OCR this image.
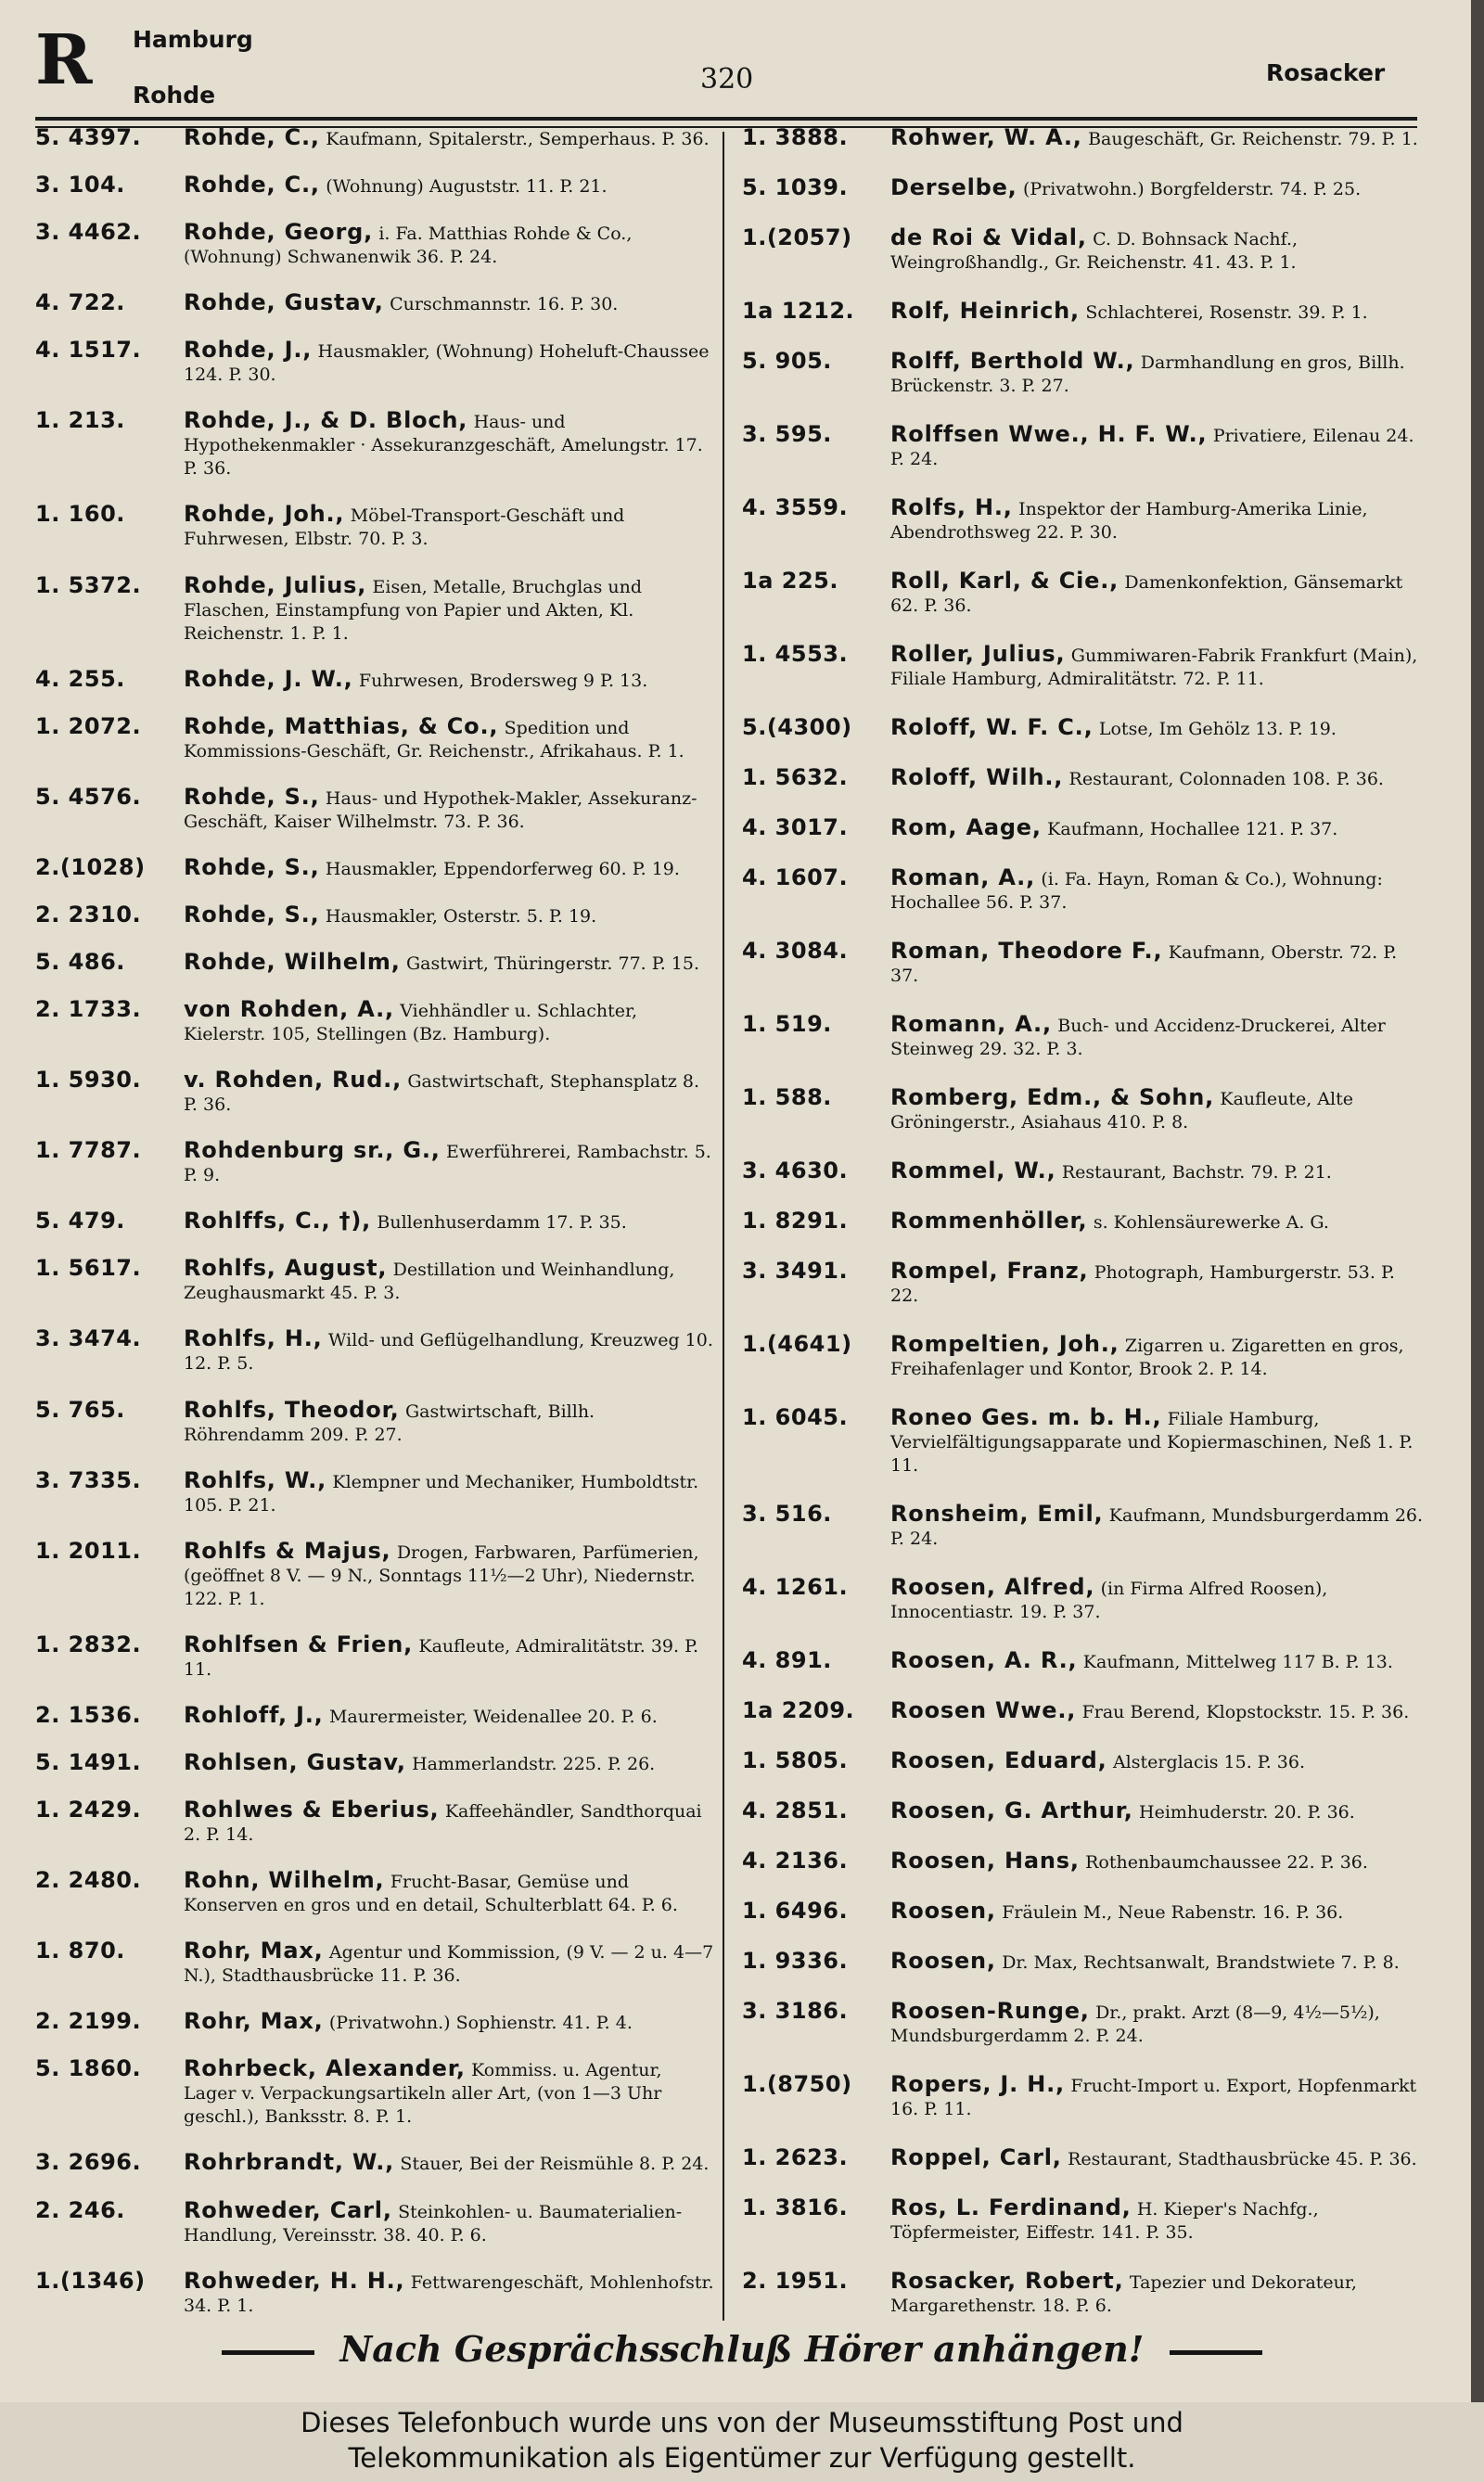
R Hamburg
Rohde	320	Rosacker
5. 4397.	Rohde, C., Kaufmann, Spitalerstr., Semperhaus. P. 36.
3. 104.	Rohde, C., (Wohnung) Auguststr. 11. P. 21.
3. 4462.	Rohde, Georg, i. Fa. Matthias Rohde & Co., (Wohnung) Schwanenwik 36. P. 24.
4. 722.	Rohde, Gustav, Curschmannstr. 16. P. 30.
4. 1517.	Rohde, J., Hausmakler, (Wohnung) Hoheluft-Chaussee 124. P. 30.
1. 213.	Rohde, J., & D. Bloch, Haus- und Hypothekenmakler · Assekuranzgeschäft, Amelungstr. 17. P. 36.
1. 160.	Rohde, Joh., Möbel-Transport-Geschäft und Fuhrwesen, Elbstr. 70. P. 3.
1. 5372.	Rohde, Julius, Eisen, Metalle, Bruchglas und Flaschen, Einstampfung von Papier und Akten, Kl. Reichenstr. 1. P. 1.
4. 255.	Rohde, J. W., Fuhrwesen, Brodersweg 9 P. 13.
1. 2072.	Rohde, Matthias, & Co., Spedition und Kommissions-Geschäft, Gr. Reichenstr., Afrikahaus. P. 1.
5. 4576.	Rohde, S., Haus- und Hypothek-Makler, Assekuranz-Geschäft, Kaiser Wilhelmstr. 73. P. 36.
2.(1028)	Rohde, S., Hausmakler, Eppendorferweg 60. P. 19.
2. 2310.	Rohde, S., Hausmakler, Osterstr. 5. P. 19.
5. 486.	Rohde, Wilhelm, Gastwirt, Thüringerstr. 77. P. 15.
2. 1733.	von Rohden, A., Viehhändler u. Schlachter, Kielerstr. 105, Stellingen (Bz. Hamburg).
1. 5930.	v. Rohden, Rud., Gastwirtschaft, Stephansplatz 8. P. 36.
1. 7787.	Rohdenburg sr., G., Ewerführerei, Rambachstr. 5. P. 9.
5. 479.	Rohlffs, C., †), Bullenhuserdamm 17. P. 35.
1. 5617.	Rohlfs, August, Destillation und Weinhandlung, Zeughausmarkt 45. P. 3.
3. 3474.	Rohlfs, H., Wild- und Geflügelhandlung, Kreuzweg 10. 12. P. 5.
5. 765.	Rohlfs, Theodor, Gastwirtschaft, Billh. Röhrendamm 209. P. 27.
3. 7335.	Rohlfs, W., Klempner und Mechaniker, Humboldtstr. 105. P. 21.
1. 2011.	Rohlfs & Majus, Drogen, Farbwaren, Parfümerien, (geöffnet 8 V. — 9 N., Sonntags 11½—2 Uhr), Niedernstr. 122. P. 1.
1. 2832.	Rohlfsen & Frien, Kaufleute, Admiralitätstr. 39. P. 11.
2. 1536.	Rohloff, J., Maurermeister, Weidenallee 20. P. 6.
5. 1491.	Rohlsen, Gustav, Hammerlandstr. 225. P. 26.
1. 2429.	Rohlwes & Eberius, Kaffeehändler, Sandthorquai 2. P. 14.
2. 2480.	Rohn, Wilhelm, Frucht-Basar, Gemüse und Konserven en gros und en detail, Schulterblatt 64. P. 6.
1. 870.	Rohr, Max, Agentur und Kommission, (9 V. — 2 u. 4—7 N.), Stadthausbrücke 11. P. 36.
2. 2199.	Rohr, Max, (Privatwohn.) Sophienstr. 41. P. 4.
5. 1860.	Rohrbeck, Alexander, Kommiss. u. Agentur, Lager v. Verpackungsartikeln aller Art, (von 1—3 Uhr geschl.), Banksstr. 8. P. 1.
3. 2696.	Rohrbrandt, W., Stauer, Bei der Reismühle 8. P. 24.
2. 246.	Rohweder, Carl, Steinkohlen- u. Baumaterialien-Handlung, Vereinsstr. 38. 40. P. 6.
1.(1346)	Rohweder, H. H., Fettwarengeschäft, Mohlenhofstr. 34. P. 1.
1. 3888.	Rohwer, W. A., Baugeschäft, Gr. Reichenstr. 79. P. 1.
5. 1039.	Derselbe, (Privatwohn.) Borgfelderstr. 74. P. 25.
1.(2057)	de Roi & Vidal, C. D. Bohnsack Nachf., Weingroßhandlg., Gr. Reichenstr. 41. 43. P. 1.
1a 1212.	Rolf, Heinrich, Schlachterei, Rosenstr. 39. P. 1.
5. 905.	Rolff, Berthold W., Darmhandlung en gros, Billh. Brückenstr. 3. P. 27.
3. 595.	Rolffsen Wwe., H. F. W., Privatiere, Eilenau 24. P. 24.
4. 3559.	Rolfs, H., Inspektor der Hamburg-Amerika Linie, Abendrothsweg 22. P. 30.
1a 225.	Roll, Karl, & Cie., Damenkonfektion, Gänsemarkt 62. P. 36.
1. 4553.	Roller, Julius, Gummiwaren-Fabrik Frankfurt (Main), Filiale Hamburg, Admiralitätstr. 72. P. 11.
5.(4300)	Roloff, W. F. C., Lotse, Im Gehölz 13. P. 19.
1. 5632.	Roloff, Wilh., Restaurant, Colonnaden 108. P. 36.
4. 3017.	Rom, Aage, Kaufmann, Hochallee 121. P. 37.
4. 1607.	Roman, A., (i. Fa. Hayn, Roman & Co.), Wohnung: Hochallee 56. P. 37.
4. 3084.	Roman, Theodore F., Kaufmann, Oberstr. 72. P. 37.
1. 519.	Romann, A., Buch- und Accidenz-Druckerei, Alter Steinweg 29. 32. P. 3.
1. 588.	Romberg, Edm., & Sohn, Kaufleute, Alte Gröningerstr., Asiahaus 410. P. 8.
3. 4630.	Rommel, W., Restaurant, Bachstr. 79. P. 21.
1. 8291.	Rommenhöller, s. Kohlensäurewerke A. G.
3. 3491.	Rompel, Franz, Photograph, Hamburgerstr. 53. P. 22.
1.(4641)	Rompeltien, Joh., Zigarren u. Zigaretten en gros, Freihafenlager und Kontor, Brook 2. P. 14.
1. 6045.	Roneo Ges. m. b. H., Filiale Hamburg, Vervielfältigungsapparate und Kopiermaschinen, Neß 1. P. 11.
3. 516.	Ronsheim, Emil, Kaufmann, Mundsburgerdamm 26. P. 24.
4. 1261.	Roosen, Alfred, (in Firma Alfred Roosen), Innocentiastr. 19. P. 37.
4. 891.	Roosen, A. R., Kaufmann, Mittelweg 117 B. P. 13.
1a 2209.	Roosen Wwe., Frau Berend, Klopstockstr. 15. P. 36.
1. 5805.	Roosen, Eduard, Alsterglacis 15. P. 36.
4. 2851.	Roosen, G. Arthur, Heimhuderstr. 20. P. 36.
4. 2136.	Roosen, Hans, Rothenbaumchaussee 22. P. 36.
1. 6496.	Roosen, Fräulein M., Neue Rabenstr. 16. P. 36.
1. 9336.	Roosen, Dr. Max, Rechtsanwalt, Brandstwiete 7. P. 8.
3. 3186.	Roosen-Runge, Dr., prakt. Arzt (8—9, 4½—5½), Mundsburgerdamm 2. P. 24.
1.(8750)	Ropers, J. H., Frucht-Import u. Export, Hopfenmarkt 16. P. 11.
1. 2623.	Roppel, Carl, Restaurant, Stadthausbrücke 45. P. 36.
1. 3816.	Ros, L. Ferdinand, H. Kieper's Nachfg., Töpfermeister, Eiffestr. 141. P. 35.
2. 1951.	Rosacker, Robert, Tapezier und Dekorateur, Margarethenstr. 18. P. 6.
Nach Gesprächsschluß Hörer anhängen!
Dieses Telefonbuch wurde uns von der Museumsstiftung Post und
Telekommunikation als Eigentümer zur Verfügung gestellt.
